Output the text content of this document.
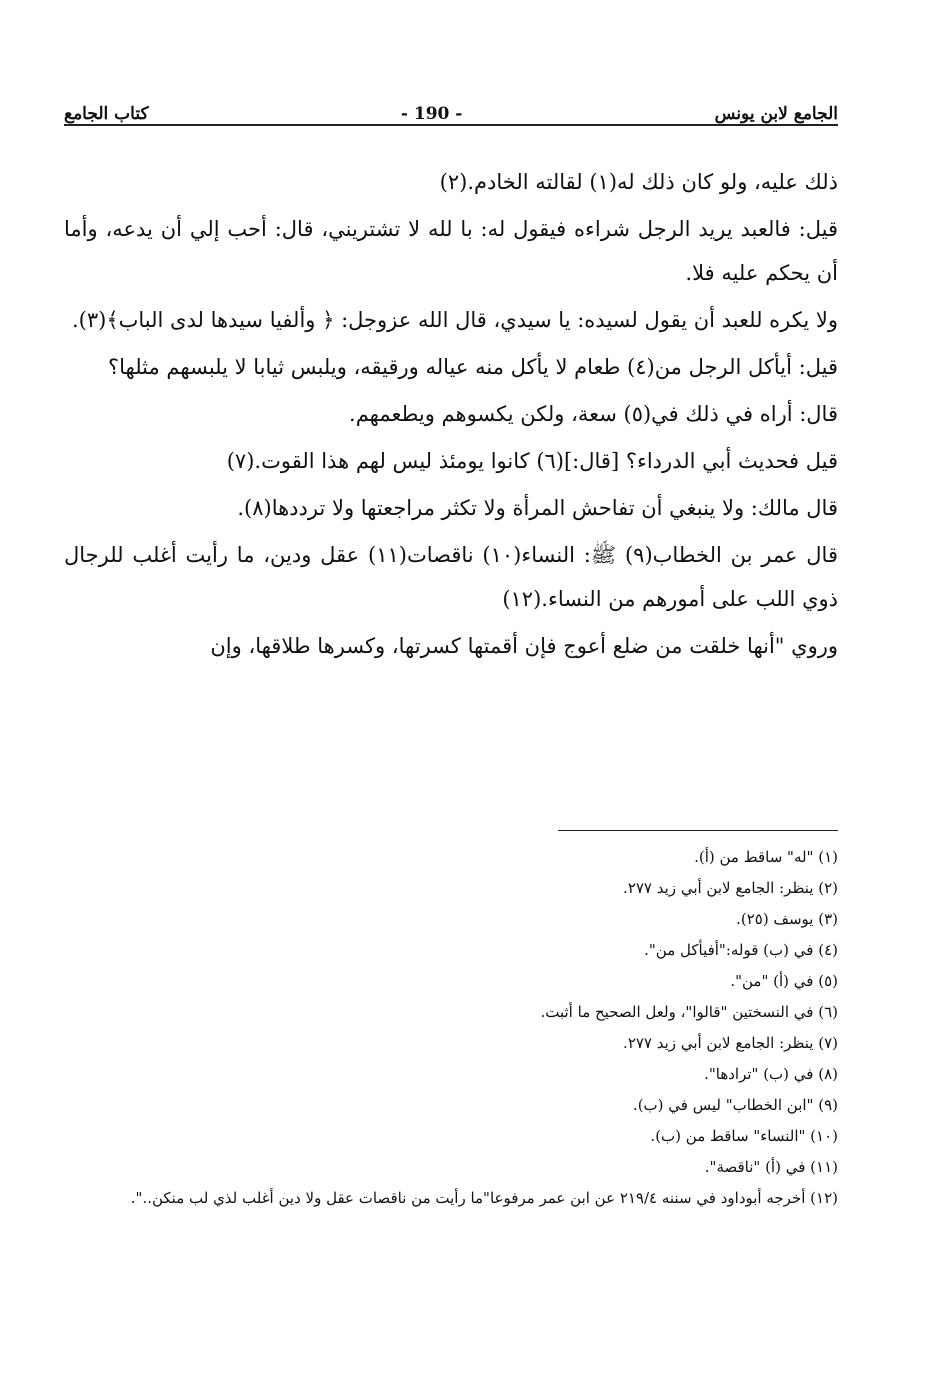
الجامع لابن يونس
- 190 -
كتاب الجامع

ذلك عليه، ولو كان ذلك له(١) لقالته الخادم.(٢)

قيل: فالعبد يريد الرجل شراءه فيقول له: با لله لا تشتريني، قال: أحب إلي أن يدعه، وأما أن يحكم عليه فلا.

ولا يكره للعبد أن يقول لسيده: يا سيدي، قال الله عزوجل: ﴿ وألفيا سيدها لدى الباب﴾(٣).

قيل: أيأكل الرجل من(٤) طعام لا يأكل منه عياله ورقيقه، ويلبس ثيابا لا يلبسهم مثلها؟

قال: أراه في ذلك في(٥) سعة، ولكن يكسوهم ويطعمهم.

قيل فحديث أبي الدرداء؟ [قال:](٦) كانوا يومئذ ليس لهم هذا القوت.(٧)

قال مالك: ولا ينبغي أن تفاحش المرأة ولا تكثر مراجعتها ولا ترددها(٨).

قال عمر بن الخطاب(٩) ﷺ: النساء(١٠) ناقصات(١١) عقل ودين، ما رأيت أغلب للرجال ذوي اللب على أمورهم من النساء.(١٢)

وروي "أنها خلقت من ضلع أعوج فإن أقمتها كسرتها، وكسرها طلاقها، وإن

(١) "له" ساقط من (أ).
(٢) ينظر: الجامع لابن أبي زيد ٢٧٧.
(٣) يوسف (٢٥).
(٤) في (ب) قوله:"أفيأكل من".
(٥) في (أ) "من".
(٦) في النسختين "قالوا"، ولعل الصحيح ما أثبت.
(٧) ينظر: الجامع لابن أبي زيد ٢٧٧.
(٨) في (ب) "ترادها".
(٩) "ابن الخطاب" ليس في (ب).
(١٠) "النساء" ساقط من (ب).
(١١) في (أ) "ناقصة".
(١٢) أخرجه أبوداود في سننه ٢١٩/٤ عن ابن عمر مرفوعا"ما رأيت من ناقصات عقل ولا دين أغلب لذي لب منكن..".
